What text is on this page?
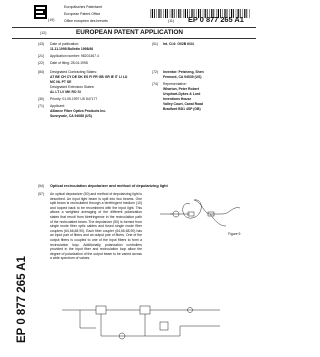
(19)
Europäisches Patentamt
European Patent Office
Office européen des brevets	(11) EP 0 877 265 A1
(12)	EUROPEAN PATENT APPLICATION
(43) Date of publication:
11.11.1998 Bulletin 1998/46
(21) Application number: 98201367.4
(22) Date of filing: 28.04.1998
(84) Designated Contracting States:
AT BE CH CY DE DK ES FI FR GB GR IE IT LI LU
MC NL PT SE
Designated Extension States:
AL LT LV MK RO SI
(30) Priority: 01.05.1997 US 847177
(71) Applicant:
Alliance Fiber Optics Products Inc.
Sunnyvale, CA 94088 (US)
(51) Int. Cl.6: G02B 6/34
(72) Inventor: Peisheng, Shen
Fremont, CA 94539 (US)
(74) Representative:
Wharton, Peter Robert
Urquhart-Dykes & Lord
Inventions House
Valley Court, Canal Road
Bradford BD1 4SP (GB)
(54) Optical recirculation depolarizer and method of depolarizing light
(57) An optical depolarizer (50) and method of depolarizing light is described. An input light beam is split into two beams. One split beam is recirculated through a birefringent medium (10) and looped back to be recombined with the input light. This allows a weighted averaging of the different polarization states that result from birefringence in the recirculation path of the recirculated beam. The depolarizer (50) is formed from single mode fiber optic cables and fused single mode fiber couplers (64,66,68,90). Each fiber coupler (64,66,68,90) has an input pair of fibers and an output pair of fibers. One of the output fibers is coupled to one of the input fibers to form a recirculation loop. Additionally, polarization controllers provided in the input fiber and recirculation loop allow the degree of polarization of the output beam to be varied across a wide spectrum of values.
Figure 9
EP 0 877 265 A1
